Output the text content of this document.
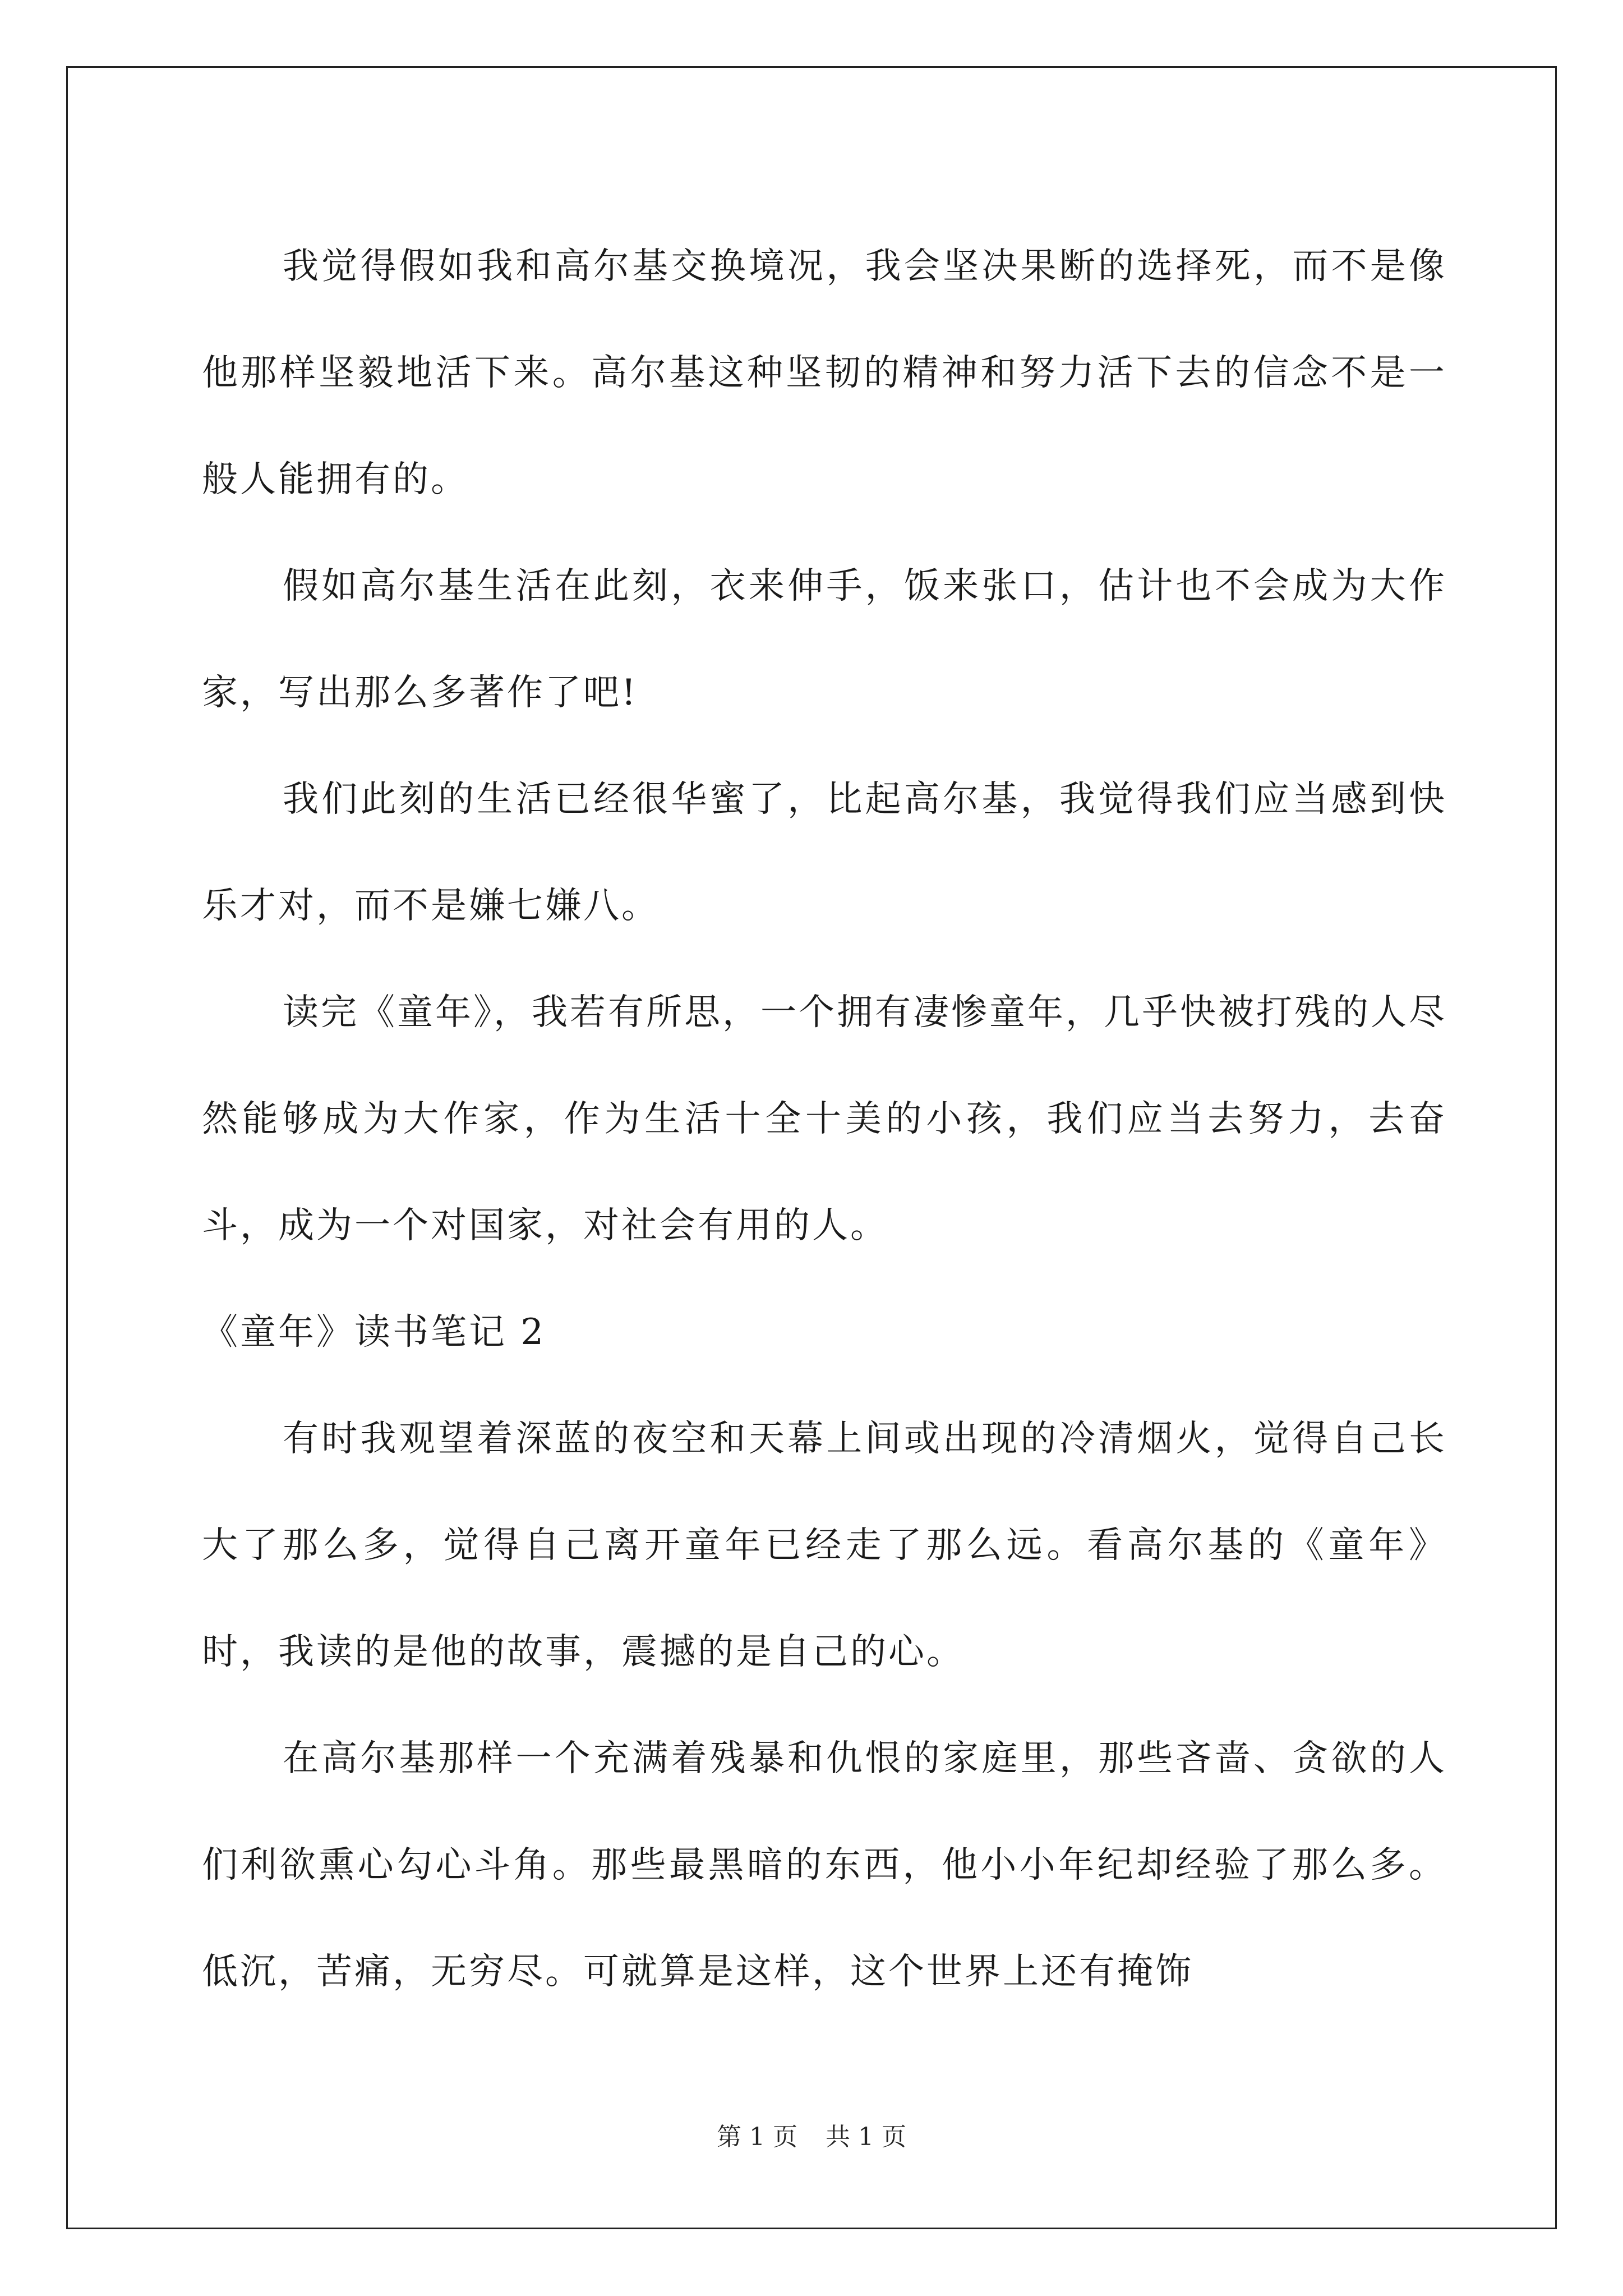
我觉得假如我和高尔基交换境况，我会坚决果断的选择死，而不是像他那样坚毅地活下来。高尔基这种坚韧的精神和努力活下去的信念不是一般人能拥有的。

假如高尔基生活在此刻，衣来伸手，饭来张口，估计也不会成为大作家，写出那么多著作了吧!

我们此刻的生活已经很华蜜了，比起高尔基，我觉得我们应当感到快乐才对，而不是嫌七嫌八。

读完《童年》，我若有所思，一个拥有凄惨童年，几乎快被打残的人尽然能够成为大作家，作为生活十全十美的小孩，我们应当去努力，去奋斗，成为一个对国家，对社会有用的人。

《童年》读书笔记 2

有时我观望着深蓝的夜空和天幕上间或出现的冷清烟火，觉得自己长大了那么多，觉得自己离开童年已经走了那么远。看高尔基的《童年》时，我读的是他的故事，震撼的是自己的心。

在高尔基那样一个充满着残暴和仇恨的家庭里，那些吝啬、贪欲的人们利欲熏心勾心斗角。那些最黑暗的东西，他小小年纪却经验了那么多。低沉，苦痛，无穷尽。可就算是这样，这个世界上还有掩饰

第 1 页 共 1 页
